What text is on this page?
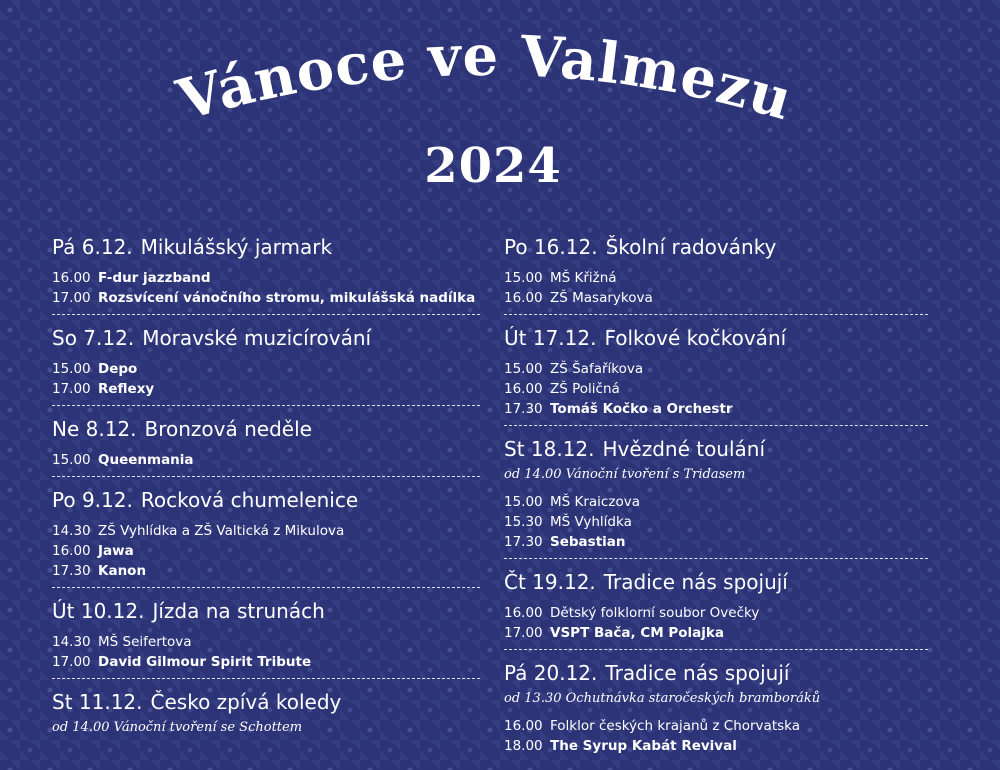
Vánoce ve Valmezu
2024
Pá 6.12. Mikulášský jarmark
16.00 F-dur jazzband
17.00 Rozsvícení vánočního stromu, mikulášská nadílka
So 7.12. Moravské muzicírování
15.00 Depo
17.00 Reflexy
Ne 8.12. Bronzová neděle
15.00 Queenmania
Po 9.12. Rocková chumelenice
14.30 ZŠ Vyhlídka a ZŠ Valtická z Mikulova
16.00 Jawa
17.30 Kanon
Út 10.12. Jízda na strunách
14.30 MŠ Seifertova
17.00 David Gilmour Spirit Tribute
St 11.12. Česko zpívá koledy
od 14.00 Vánoční tvoření se Schottem
Po 16.12. Školní radovánky
15.00 MŠ Křižná
16.00 ZŠ Masarykova
Út 17.12. Folkové kočkování
15.00 ZŠ Šafaříkova
16.00 ZŠ Poličná
17.30 Tomáš Kočko a Orchestr
St 18.12. Hvězdné toulání
od 14.00 Vánoční tvoření s Tridasem
15.00 MŠ Kraiczova
15.30 MŠ Vyhlídka
17.30 Sebastian
Čt 19.12. Tradice nás spojují
16.00 Dětský folklorní soubor Ovečky
17.00 VSPT Bača, CM Polajka
Pá 20.12. Tradice nás spojují
od 13.30 Ochutnávka staročeských bramboráků
16.00 Folklor českých krajanů z Chorvatska
18.00 The Syrup Kabát Revival
